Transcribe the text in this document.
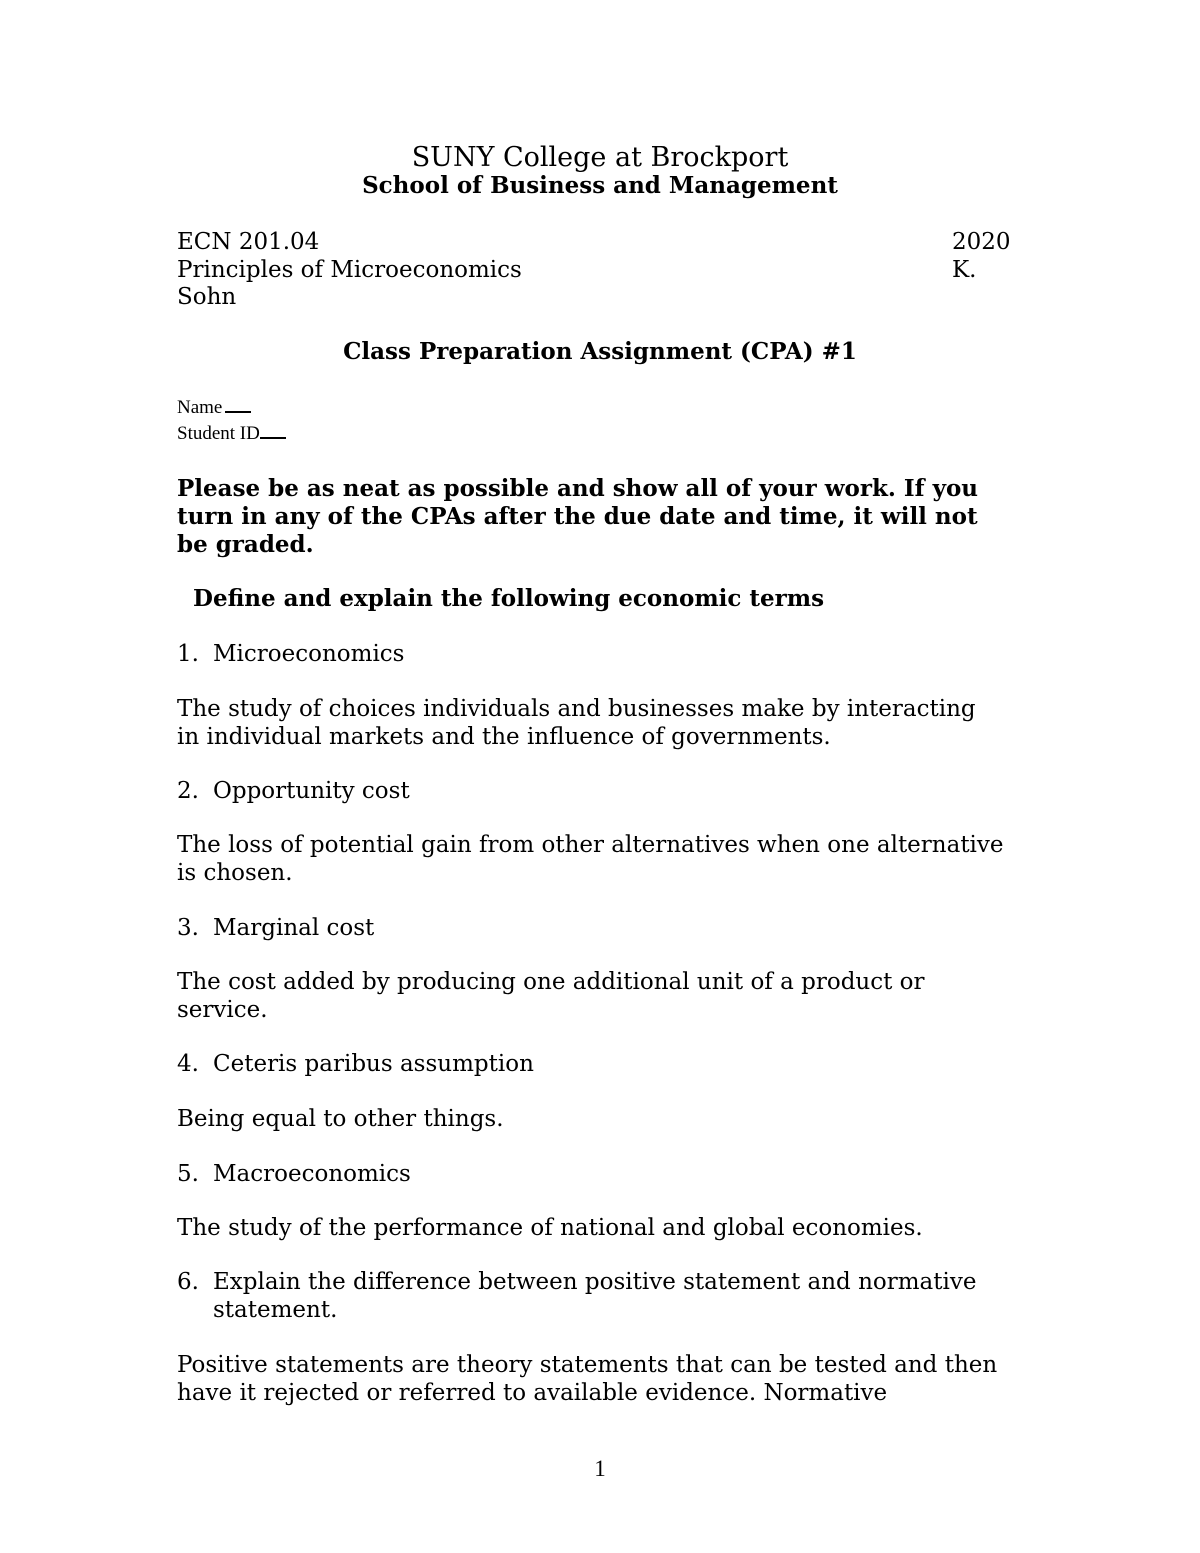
SUNY College at Brockport
School of Business and Management
ECN 201.04	2020
Principles of Microeconomics	K.
Sohn
Class Preparation Assignment (CPA) #1
Name
Student ID
Please be as neat as possible and show all of your work. If you
turn in any of the CPAs after the due date and time, it will not
be graded.
Define and explain the following economic terms
1. Microeconomics
The study of choices individuals and businesses make by interacting
in individual markets and the influence of governments.
2. Opportunity cost
The loss of potential gain from other alternatives when one alternative
is chosen.
3. Marginal cost
The cost added by producing one additional unit of a product or
service.
4. Ceteris paribus assumption
Being equal to other things.
5. Macroeconomics
The study of the performance of national and global economies.
6. Explain the difference between positive statement and normative
statement.
Positive statements are theory statements that can be tested and then
have it rejected or referred to available evidence. Normative
1
